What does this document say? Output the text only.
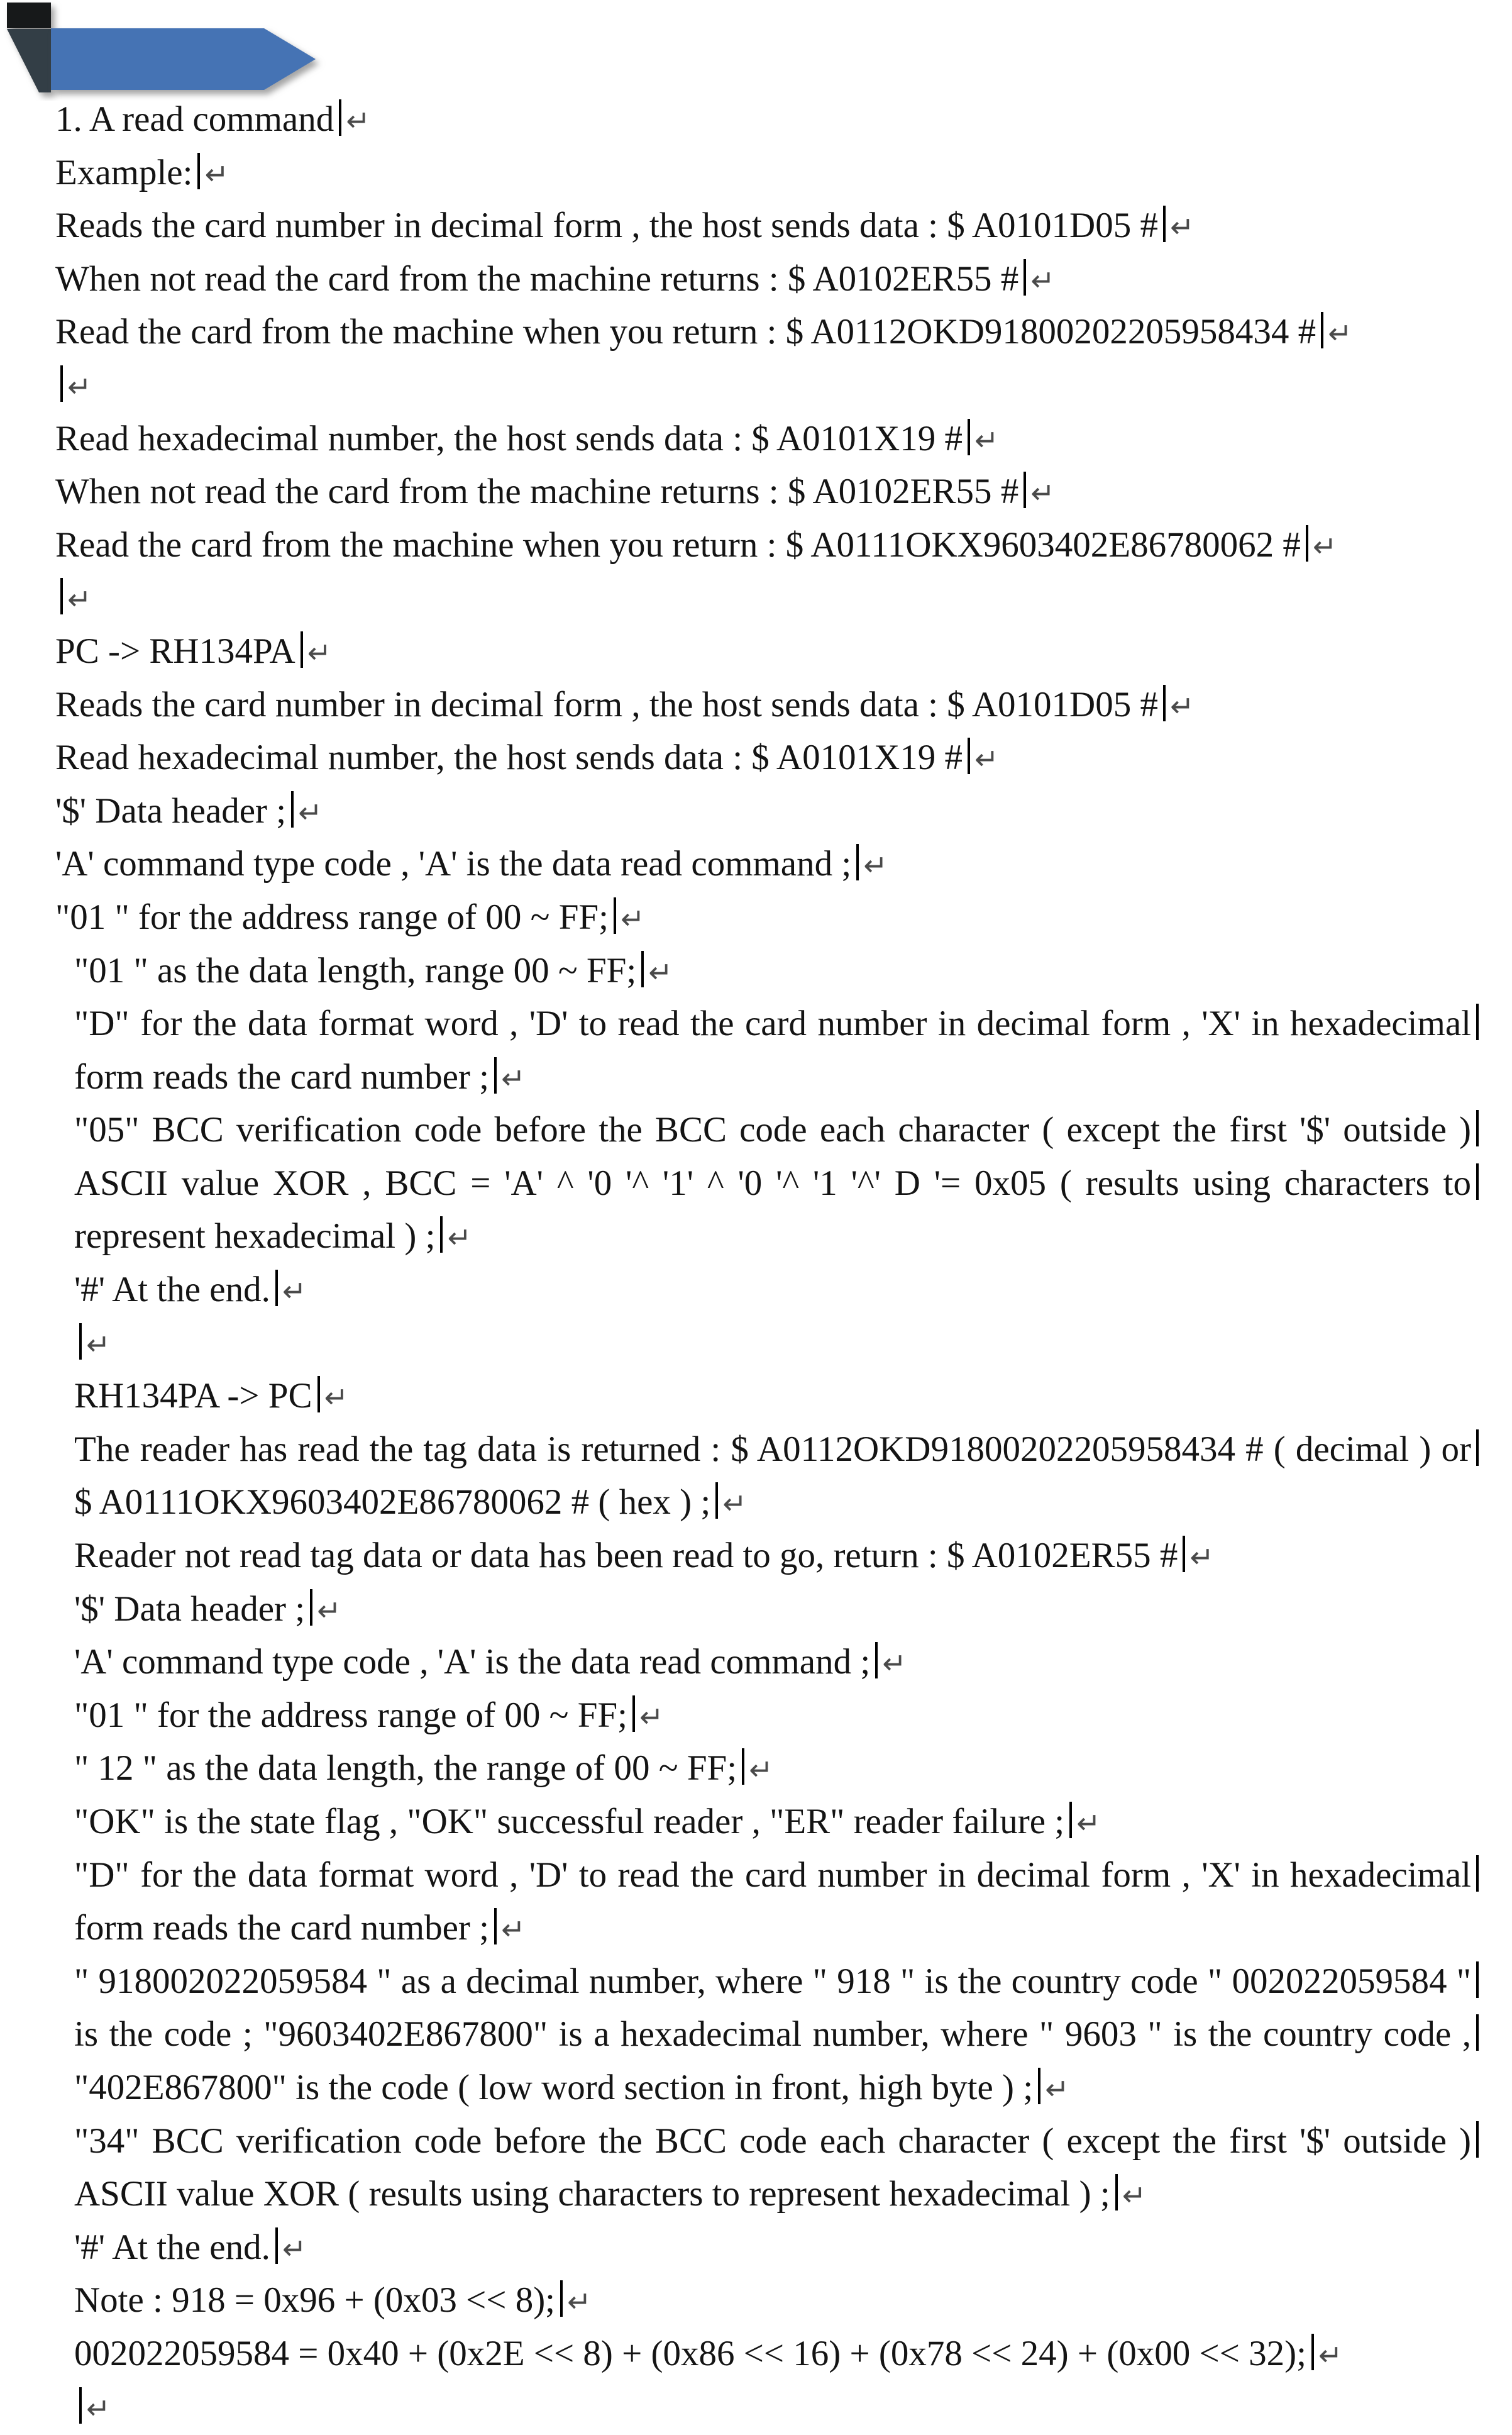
1. A read command ↵
Example: ↵
Reads the card number in decimal form , the host sends data : $ A0101D05 # ↵
When not read the card from the machine returns : $ A0102ER55 # ↵
Read the card from the machine when you return : $ A0112OKD91800202205958434 # ↵
↵
Read hexadecimal number, the host sends data : $ A0101X19 # ↵
When not read the card from the machine returns : $ A0102ER55 # ↵
Read the card from the machine when you return : $ A0111OKX9603402E86780062 # ↵
↵
PC -> RH134PA ↵
Reads the card number in decimal form , the host sends data : $ A0101D05 # ↵
Read hexadecimal number, the host sends data : $ A0101X19 # ↵
'$' Data header ; ↵
'A' command type code , 'A' is the data read command ; ↵
"01 " for the address range of 00 ~ FF; ↵
"01 " as the data length, range 00 ~ FF; ↵
"D" for the data format word , 'D' to read the card number in decimal form , 'X' in hexadecimal
form reads the card number ; ↵
"05" BCC verification code before the BCC code each character ( except the first '$' outside )
ASCII value XOR , BCC = 'A' ^ '0 '^ '1' ^ '0 '^ '1 '^' D '= 0x05 ( results using characters to
represent hexadecimal ) ; ↵
'#' At the end. ↵
↵
RH134PA -> PC ↵
The reader has read the tag data is returned : $ A0112OKD91800202205958434 # ( decimal ) or
$ A0111OKX9603402E86780062 # ( hex ) ; ↵
Reader not read tag data or data has been read to go, return : $ A0102ER55 # ↵
'$' Data header ; ↵
'A' command type code , 'A' is the data read command ; ↵
"01 " for the address range of 00 ~ FF; ↵
" 12 " as the data length, the range of 00 ~ FF; ↵
"OK" is the state flag , "OK" successful reader , "ER" reader failure ; ↵
"D" for the data format word , 'D' to read the card number in decimal form , 'X' in hexadecimal
form reads the card number ; ↵
" 918002022059584 " as a decimal number, where " 918 " is the country code " 002022059584 "
is the code ; "9603402E867800" is a hexadecimal number, where " 9603 " is the country code ,
"402E867800" is the code ( low word section in front, high byte ) ; ↵
"34" BCC verification code before the BCC code each character ( except the first '$' outside )
ASCII value XOR ( results using characters to represent hexadecimal ) ; ↵
'#' At the end. ↵
Note : 918 = 0x96 + (0x03 << 8); ↵
002022059584 = 0x40 + (0x2E << 8) + (0x86 << 16) + (0x78 << 24) + (0x00 << 32); ↵
↵
